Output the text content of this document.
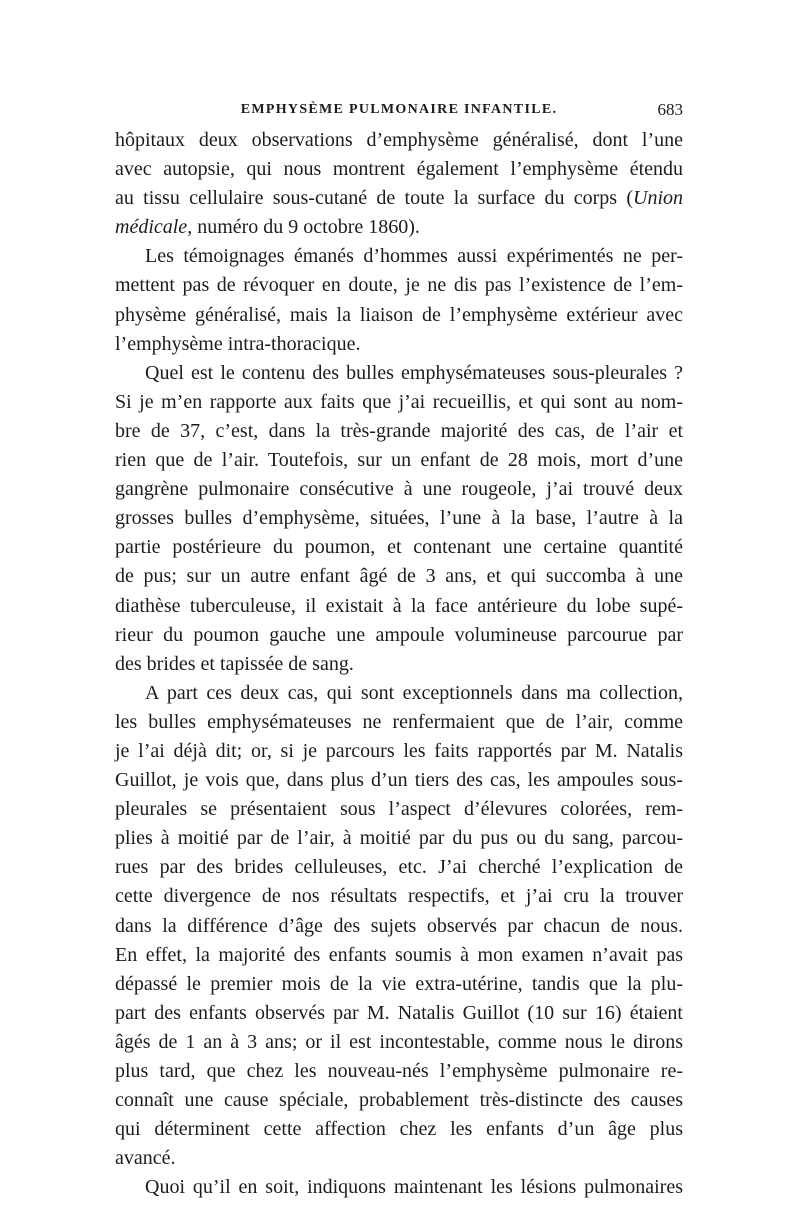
EMPHYSÈME PULMONAIRE INFANTILE.	683
hôpitaux deux observations d’emphysème généralisé, dont l’une
avec autopsie, qui nous montrent également l’emphysème étendu
au tissu cellulaire sous-cutané de toute la surface du corps (Union
médicale, numéro du 9 octobre 1860).
Les témoignages émanés d’hommes aussi expérimentés ne per-
mettent pas de révoquer en doute, je ne dis pas l’existence de l’em-
physème généralisé, mais la liaison de l’emphysème extérieur avec
l’emphysème intra-thoracique.
Quel est le contenu des bulles emphysémateuses sous-pleurales ?
Si je m’en rapporte aux faits que j’ai recueillis, et qui sont au nom-
bre de 37, c’est, dans la très-grande majorité des cas, de l’air et
rien que de l’air. Toutefois, sur un enfant de 28 mois, mort d’une
gangrène pulmonaire consécutive à une rougeole, j’ai trouvé deux
grosses bulles d’emphysème, situées, l’une à la base, l’autre à la
partie postérieure du poumon, et contenant une certaine quantité
de pus; sur un autre enfant âgé de 3 ans, et qui succomba à une
diathèse tuberculeuse, il existait à la face antérieure du lobe supé-
rieur du poumon gauche une ampoule volumineuse parcourue par
des brides et tapissée de sang.
A part ces deux cas, qui sont exceptionnels dans ma collection,
les bulles emphysémateuses ne renfermaient que de l’air, comme
je l’ai déjà dit; or, si je parcours les faits rapportés par M. Natalis
Guillot, je vois que, dans plus d’un tiers des cas, les ampoules sous-
pleurales se présentaient sous l’aspect d’élevures colorées, rem-
plies à moitié par de l’air, à moitié par du pus ou du sang, parcou-
rues par des brides celluleuses, etc. J’ai cherché l’explication de
cette divergence de nos résultats respectifs, et j’ai cru la trouver
dans la différence d’âge des sujets observés par chacun de nous.
En effet, la majorité des enfants soumis à mon examen n’avait pas
dépassé le premier mois de la vie extra-utérine, tandis que la plu-
part des enfants observés par M. Natalis Guillot (10 sur 16) étaient
âgés de 1 an à 3 ans; or il est incontestable, comme nous le dirons
plus tard, que chez les nouveau-nés l’emphysème pulmonaire re-
connaît une cause spéciale, probablement très-distincte des causes
qui déterminent cette affection chez les enfants d’un âge plus
avancé.
Quoi qu’il en soit, indiquons maintenant les lésions pulmonaires
